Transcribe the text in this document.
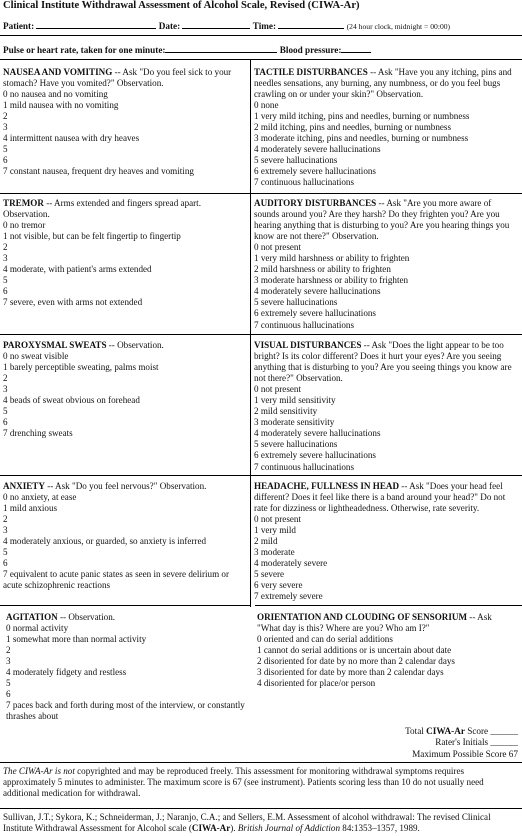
Clinical Institute Withdrawal Assessment of Alcohol Scale, Revised (CIWA-Ar)
Patient:	Date:	Time:	(24 hour clock, midnight = 00:00)
Pulse or heart rate, taken for one minute:	Blood pressure:
NAUSEA AND VOMITING -- Ask "Do you feel sick to your
stomach? Have you vomited?" Observation.
0 no nausea and no vomiting
1 mild nausea with no vomiting
2
3
4 intermittent nausea with dry heaves
5
6
7 constant nausea, frequent dry heaves and vomiting
TACTILE DISTURBANCES -- Ask "Have you any itching, pins and
needles sensations, any burning, any numbness, or do you feel bugs
crawling on or under your skin?" Observation.
0 none
1 very mild itching, pins and needles, burning or numbness
2 mild itching, pins and needles, burning or numbness
3 moderate itching, pins and needles, burning or numbness
4 moderately severe hallucinations
5 severe hallucinations
6 extremely severe hallucinations
7 continuous hallucinations
TREMOR -- Arms extended and fingers spread apart.
Observation.
0 no tremor
1 not visible, but can be felt fingertip to fingertip
2
3
4 moderate, with patient's arms extended
5
6
7 severe, even with arms not extended
AUDITORY DISTURBANCES -- Ask "Are you more aware of
sounds around you? Are they harsh? Do they frighten you? Are you
hearing anything that is disturbing to you? Are you hearing things you
know are not there?" Observation.
0 not present
1 very mild harshness or ability to frighten
2 mild harshness or ability to frighten
3 moderate harshness or ability to frighten
4 moderately severe hallucinations
5 severe hallucinations
6 extremely severe hallucinations
7 continuous hallucinations
PAROXYSMAL SWEATS -- Observation.
0 no sweat visible
1 barely perceptible sweating, palms moist
2
3
4 beads of sweat obvious on forehead
5
6
7 drenching sweats
VISUAL DISTURBANCES -- Ask "Does the light appear to be too
bright? Is its color different? Does it hurt your eyes? Are you seeing
anything that is disturbing to you? Are you seeing things you know are
not there?" Observation.
0 not present
1 very mild sensitivity
2 mild sensitivity
3 moderate sensitivity
4 moderately severe hallucinations
5 severe hallucinations
6 extremely severe hallucinations
7 continuous hallucinations
ANXIETY -- Ask "Do you feel nervous?" Observation.
0 no anxiety, at ease
1 mild anxious
2
3
4 moderately anxious, or guarded, so anxiety is inferred
5
6
7 equivalent to acute panic states as seen in severe delirium or
acute schizophrenic reactions
HEADACHE, FULLNESS IN HEAD -- Ask "Does your head feel
different? Does it feel like there is a band around your head?" Do not
rate for dizziness or lightheadedness. Otherwise, rate severity.
0 not present
1 very mild
2 mild
3 moderate
4 moderately severe
5 severe
6 very severe
7 extremely severe
AGITATION -- Observation.
0 normal activity
1 somewhat more than normal activity
2
3
4 moderately fidgety and restless
5
6
7 paces back and forth during most of the interview, or constantly
thrashes about
ORIENTATION AND CLOUDING OF SENSORIUM -- Ask
"What day is this? Where are you? Who am I?"
0 oriented and can do serial additions
1 cannot do serial additions or is uncertain about date
2 disoriented for date by no more than 2 calendar days
3 disoriented for date by more than 2 calendar days
4 disoriented for place/or person
Total CIWA-Ar Score ______
Rater's Initials ______
Maximum Possible Score 67
The CIWA-Ar is not copyrighted and may be reproduced freely. This assessment for monitoring withdrawal symptoms requires approximately 5 minutes to administer. The maximum score is 67 (see instrument). Patients scoring less than 10 do not usually need additional medication for withdrawal.
Sullivan, J.T.; Sykora, K.; Schneiderman, J.; Naranjo, C.A.; and Sellers, E.M. Assessment of alcohol withdrawal: The revised Clinical Institute Withdrawal Assessment for Alcohol scale (CIWA-Ar). British Journal of Addiction 84:1353–1357, 1989.
